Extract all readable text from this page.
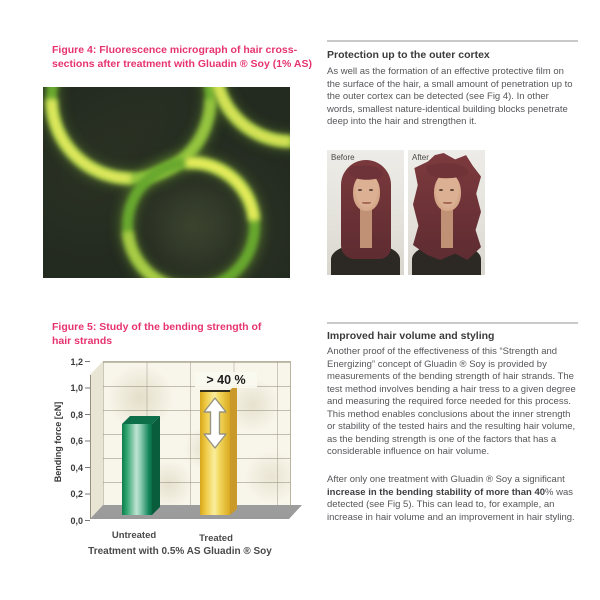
Figure 4: Fluorescence micrograph of hair cross-sections after treatment with Gluadin ® Soy (1% AS)
Protection up to the outer cortex
As well as the formation of an effective protective film on the surface of the hair, a small amount of penetration up to the outer cortex can be detected (see Fig 4). In other words, smallest nature-identical building blocks penetrate deep into the hair and strengthen it.
Before	After
Figure 5: Study of the bending strength of hair strands
1,2
1,0
0,8
0,6
0,4
0,2
0,0
Bending force [cN]
> 40 %
Untreated	Treated
Treatment with 0.5% AS Gluadin ® Soy
Improved hair volume and styling
Another proof of the effectiveness of this “Strength and Energizing” concept of Gluadin ® Soy is provided by measurements of the bending strength of hair strands. The test method involves bending a hair tress to a given degree and measuring the required force needed for this process. This method enables conclusions about the inner strength or stability of the tested hairs and the resulting hair volume, as the bending strength is one of the factors that has a considerable influence on hair volume.
After only one treatment with Gluadin ® Soy a significant increase in the bending stability of more than 40% was detected (see Fig 5). This can lead to, for example, an increase in hair volume and an improvement in hair styling.
